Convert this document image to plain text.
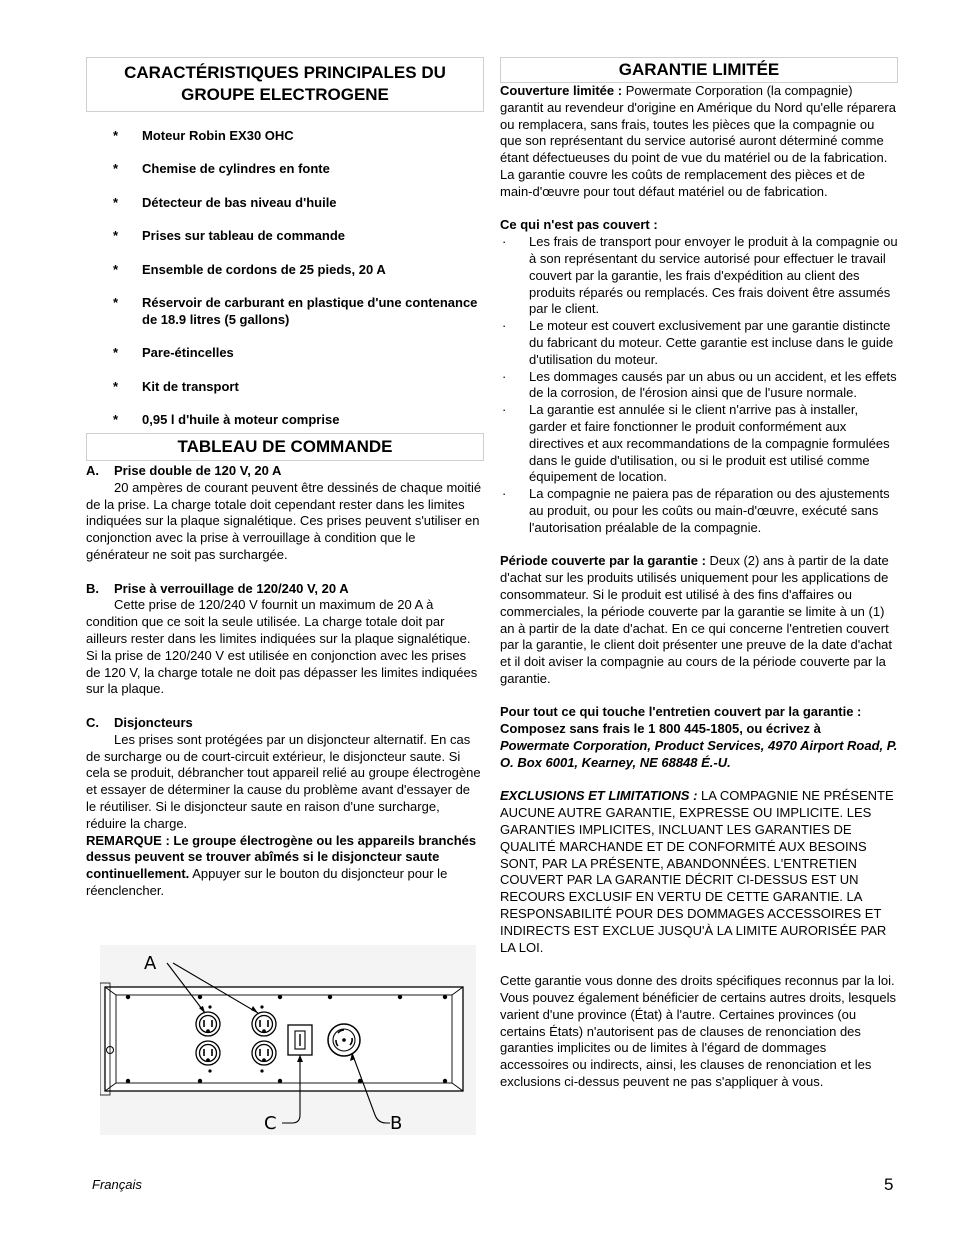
CARACTÉRISTIQUES PRINCIPALES DU GROUPE ELECTROGENE
TABLEAU DE COMMANDE
GARANTIE LIMITÉE
* Moteur Robin EX30 OHC
* Chemise de cylindres en fonte
* Détecteur de bas niveau d'huile
* Prises sur tableau de commande
* Ensemble de cordons de 25 pieds, 20 A
* Réservoir de carburant en plastique d'une contenance de 18.9 litres (5 gallons)
* Pare-étincelles
* Kit de transport
* 0,95 l d'huile à moteur comprise

A. Prise double de 120 V, 20 A

20 ampères de courant peuvent être dessinés de chaque moitié de la prise. La charge totale doit cependant rester dans les limites indiquées sur la plaque signalétique. Ces prises peuvent s'utiliser en conjonction avec la prise à verrouillage à condition que le générateur ne soit pas surchargée.

B. Prise à verrouillage de 120/240 V, 20 A

Cette prise de 120/240 V fournit un maximum de 20 A à condition que ce soit la seule utilisée. La charge totale doit par ailleurs rester dans les limites indiquées sur la plaque signalétique. Si la prise de 120/240 V est utilisée en conjonction avec les prises de 120 V, la charge totale ne doit pas dépasser les limites indiquées sur la plaque.

C. Disjoncteurs

Les prises sont protégées par un disjoncteur alternatif. En cas de surcharge ou de court-circuit extérieur, le disjoncteur saute. Si cela se produit, débrancher tout appareil relié au groupe électrogène et essayer de déterminer la cause du problème avant d'essayer de le réutiliser. Si le disjoncteur saute en raison d'une surcharge, réduire la charge.

REMARQUE : Le groupe électrogène ou les appareils branchés dessus peuvent se trouver abîmés si le disjoncteur saute continuellement. Appuyer sur le bouton du disjoncteur pour le réenclencher.

A
C	B

Couverture limitée : Powermate Corporation (la compagnie) garantit au revendeur d'origine en Amérique du Nord qu'elle réparera ou remplacera, sans frais, toutes les pièces que la compagnie ou que son représentant du service autorisé auront déterminé comme étant défectueuses du point de vue du matériel ou de la fabrication. La garantie couvre les coûts de remplacement des pièces et de main-d'œuvre pour tout défaut matériel ou de fabrication.

Ce qui n'est pas couvert :

· Les frais de transport pour envoyer le produit à la compagnie ou à son représentant du service autorisé pour effectuer le travail couvert par la garantie, les frais d'expédition au client des produits réparés ou remplacés. Ces frais doivent être assumés par le client.
· Le moteur est couvert exclusivement par une garantie distincte du fabricant du moteur. Cette garantie est incluse dans le guide d'utilisation du moteur.
· Les dommages causés par un abus ou un accident, et les effets de la corrosion, de l'érosion ainsi que de l'usure normale.
· La garantie est annulée si le client n'arrive pas à installer, garder et faire fonctionner le produit conformément aux directives et aux recommandations de la compagnie formulées dans le guide d'utilisation, ou si le produit est utilisé comme équipement de location.
· La compagnie ne paiera pas de réparation ou des ajustements au produit, ou pour les coûts ou main-d'œuvre, exécuté sans l'autorisation préalable de la compagnie.

Période couverte par la garantie : Deux (2) ans à partir de la date d'achat sur les produits utilisés uniquement pour les applications de consommateur. Si le produit est utilisé à des fins d'affaires ou commerciales, la période couverte par la garantie se limite à un (1) an à partir de la date d'achat. En ce qui concerne l'entretien couvert par la garantie, le client doit présenter une preuve de la date d'achat et il doit aviser la compagnie au cours de la période couverte par la garantie.

Pour tout ce qui touche l'entretien couvert par la garantie : Composez sans frais le 1 800 445-1805, ou écrivez à
Powermate Corporation, Product Services, 4970 Airport Road, P. O. Box 6001, Kearney, NE 68848 É.-U.

EXCLUSIONS ET LIMITATIONS : LA COMPAGNIE NE PRÉSENTE AUCUNE AUTRE GARANTIE, EXPRESSE OU IMPLICITE. LES GARANTIES IMPLICITES, INCLUANT LES GARANTIES DE QUALITÉ MARCHANDE ET DE CONFORMITÉ AUX BESOINS SONT, PAR LA PRÉSENTE, ABANDONNÉES. L'ENTRETIEN COUVERT PAR LA GARANTIE DÉCRIT CI-DESSUS EST UN RECOURS EXCLUSIF EN VERTU DE CETTE GARANTIE. LA RESPONSABILITÉ POUR DES DOMMAGES ACCESSOIRES ET INDIRECTS EST EXCLUE JUSQU'À LA LIMITE AURORISÉE PAR LA LOI.

Cette garantie vous donne des droits spécifiques reconnus par la loi. Vous pouvez également bénéficier de certains autres droits, lesquels varient d'une province (État) à l'autre. Certaines provinces (ou certains États) n'autorisent pas de clauses de renonciation des garanties implicites ou de limites à l'égard de dommages accessoires ou indirects, ainsi, les clauses de renonciation et les exclusions ci-dessus peuvent ne pas s'appliquer à vous.

Français	5
